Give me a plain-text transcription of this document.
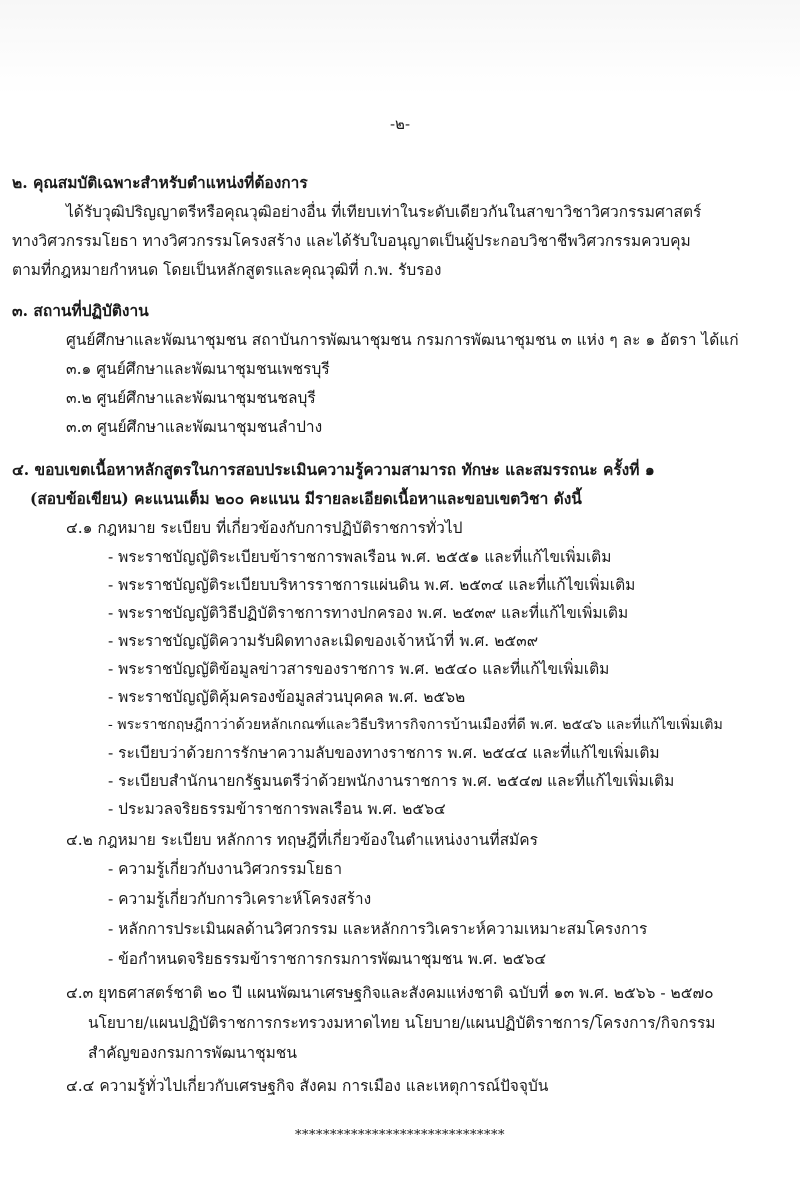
-๒-
๒. คุณสมบัติเฉพาะสำหรับตำแหน่งที่ต้องการ
ได้รับวุฒิปริญญาตรีหรือคุณวุฒิอย่างอื่น ที่เทียบเท่าในระดับเดียวกันในสาขาวิชาวิศวกรรมศาสตร์
ทางวิศวกรรมโยธา ทางวิศวกรรมโครงสร้าง และได้รับใบอนุญาตเป็นผู้ประกอบวิชาชีพวิศวกรรมควบคุม
ตามที่กฎหมายกำหนด โดยเป็นหลักสูตรและคุณวุฒิที่ ก.พ. รับรอง
๓. สถานที่ปฏิบัติงาน
ศูนย์ศึกษาและพัฒนาชุมชน สถาบันการพัฒนาชุมชน กรมการพัฒนาชุมชน ๓ แห่ง ๆ ละ ๑ อัตรา ได้แก่
๓.๑ ศูนย์ศึกษาและพัฒนาชุมชนเพชรบุรี
๓.๒ ศูนย์ศึกษาและพัฒนาชุมชนชลบุรี
๓.๓ ศูนย์ศึกษาและพัฒนาชุมชนลำปาง
๔. ขอบเขตเนื้อหาหลักสูตรในการสอบประเมินความรู้ความสามารถ ทักษะ และสมรรถนะ ครั้งที่ ๑
(สอบข้อเขียน) คะแนนเต็ม ๒๐๐ คะแนน มีรายละเอียดเนื้อหาและขอบเขตวิชา ดังนี้
๔.๑ กฎหมาย ระเบียบ ที่เกี่ยวข้องกับการปฏิบัติราชการทั่วไป
- พระราชบัญญัติระเบียบข้าราชการพลเรือน พ.ศ. ๒๕๕๑ และที่แก้ไขเพิ่มเติม
- พระราชบัญญัติระเบียบบริหารราชการแผ่นดิน พ.ศ. ๒๕๓๔ และที่แก้ไขเพิ่มเติม
- พระราชบัญญัติวิธีปฏิบัติราชการทางปกครอง พ.ศ. ๒๕๓๙ และที่แก้ไขเพิ่มเติม
- พระราชบัญญัติความรับผิดทางละเมิดของเจ้าหน้าที่ พ.ศ. ๒๕๓๙
- พระราชบัญญัติข้อมูลข่าวสารของราชการ พ.ศ. ๒๕๔๐ และที่แก้ไขเพิ่มเติม
- พระราชบัญญัติคุ้มครองข้อมูลส่วนบุคคล พ.ศ. ๒๕๖๒
- พระราชกฤษฎีกาว่าด้วยหลักเกณฑ์และวิธีบริหารกิจการบ้านเมืองที่ดี พ.ศ. ๒๕๔๖ และที่แก้ไขเพิ่มเติม
- ระเบียบว่าด้วยการรักษาความลับของทางราชการ พ.ศ. ๒๕๔๔ และที่แก้ไขเพิ่มเติม
- ระเบียบสำนักนายกรัฐมนตรีว่าด้วยพนักงานราชการ พ.ศ. ๒๕๔๗ และที่แก้ไขเพิ่มเติม
- ประมวลจริยธรรมข้าราชการพลเรือน พ.ศ. ๒๕๖๔
๔.๒ กฎหมาย ระเบียบ หลักการ ทฤษฎีที่เกี่ยวข้องในตำแหน่งงานที่สมัคร
- ความรู้เกี่ยวกับงานวิศวกรรมโยธา
- ความรู้เกี่ยวกับการวิเคราะห์โครงสร้าง
- หลักการประเมินผลด้านวิศวกรรม และหลักการวิเคราะห์ความเหมาะสมโครงการ
- ข้อกำหนดจริยธรรมข้าราชการกรมการพัฒนาชุมชน พ.ศ. ๒๕๖๔
๔.๓ ยุทธศาสตร์ชาติ ๒๐ ปี แผนพัฒนาเศรษฐกิจและสังคมแห่งชาติ ฉบับที่ ๑๓ พ.ศ. ๒๕๖๖ - ๒๕๗๐
นโยบาย/แผนปฏิบัติราชการกระทรวงมหาดไทย นโยบาย/แผนปฏิบัติราชการ/โครงการ/กิจกรรม
สำคัญของกรมการพัฒนาชุมชน
๔.๔ ความรู้ทั่วไปเกี่ยวกับเศรษฐกิจ สังคม การเมือง และเหตุการณ์ปัจจุบัน
******************************
